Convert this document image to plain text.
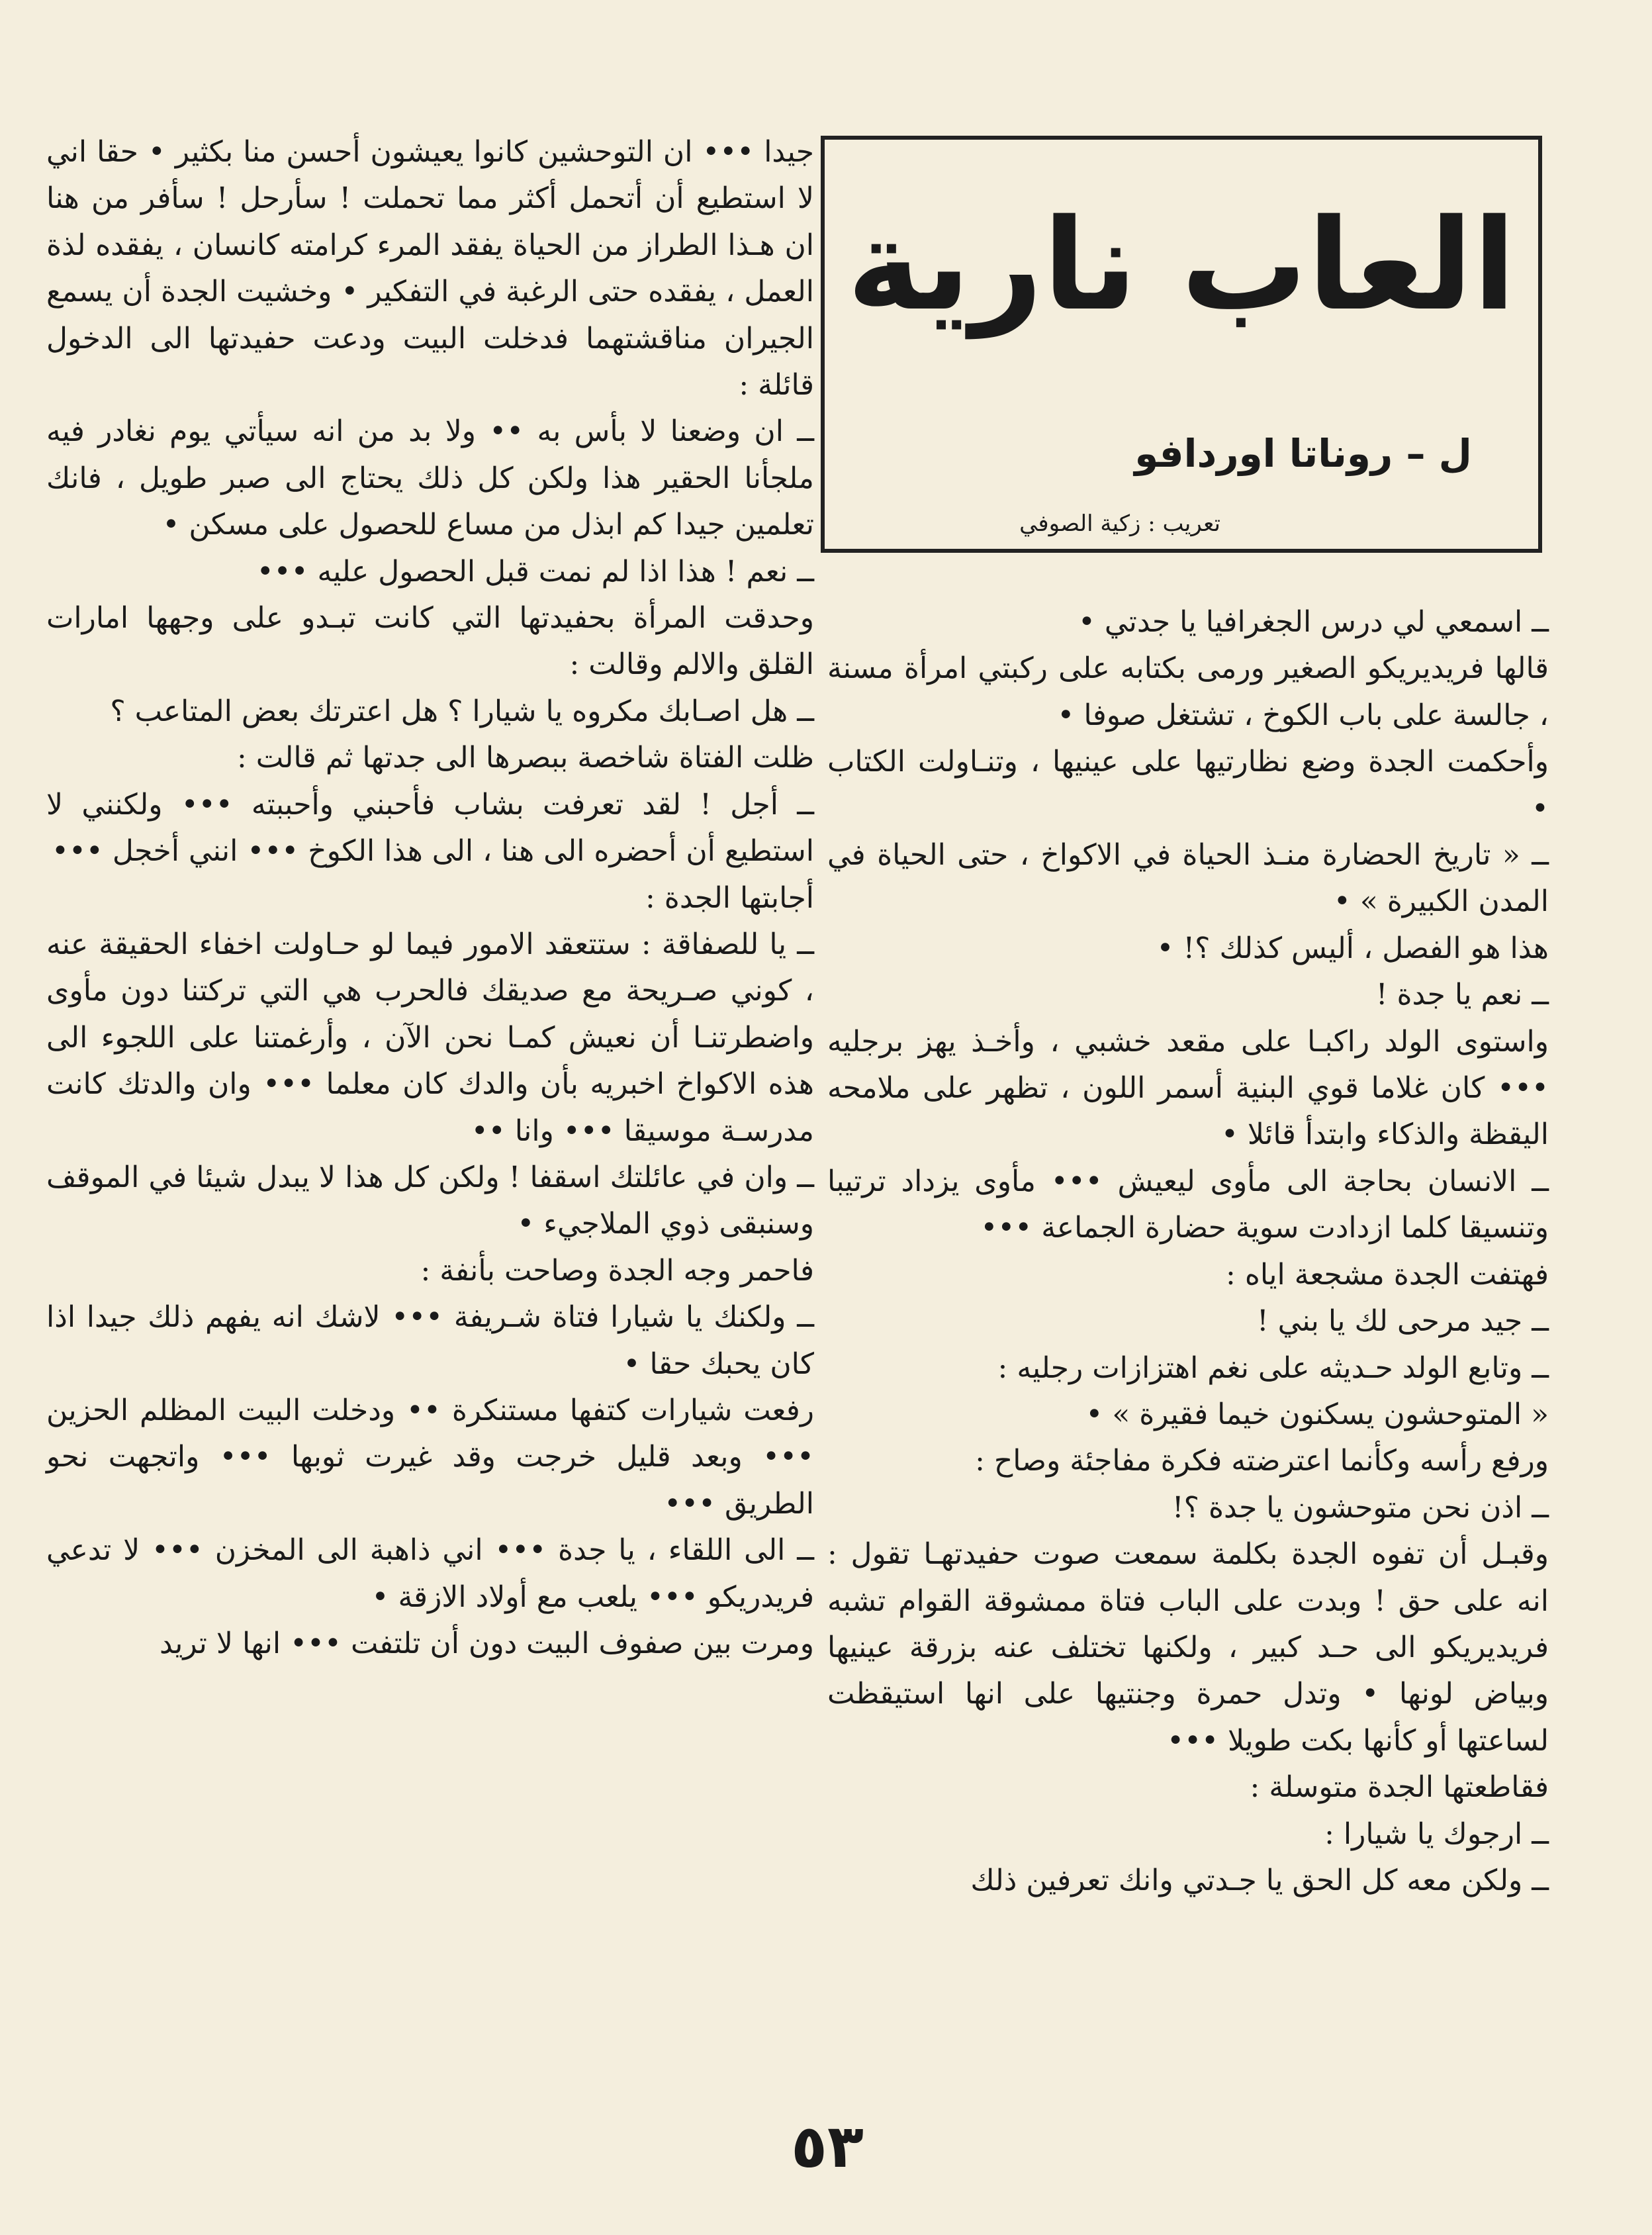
العاب نارية
ل – روناتا اوردافو
تعريب : زكية الصوفي

ــ اسمعي لي درس الجغرافيا يا جدتي •

قالها فريديريكو الصغير ورمى بكتابه على ركبتي امرأة مسنة ، جالسة على باب الكوخ ، تشتغل صوفا •

وأحكمت الجدة وضع نظارتيها على عينيها ، وتنـاولت الكتاب •

ــ « تاريخ الحضارة منـذ الحياة في الاكواخ ، حتى الحياة في المدن الكبيرة » •

هذا هو الفصل ، أليس كذلك ؟! •

ــ نعم يا جدة !

واستوى الولد راكبـا على مقعد خشبي ، وأخـذ يهز برجليه ••• كان غلاما قوي البنية أسمر اللون ، تظهر على ملامحه اليقظة والذكاء وابتدأ قائلا •

ــ الانسان بحاجة الى مأوى ليعيش ••• مأوى يزداد ترتيبا وتنسيقا كلما ازدادت سوية حضارة الجماعة •••

فهتفت الجدة مشجعة اياه :

ــ جيد مرحى لك يا بني !

ــ وتابع الولد حـديثه على نغم اهتزازات رجليه :

« المتوحشون يسكنون خيما فقيرة » •

ورفع رأسه وكأنما اعترضته فكرة مفاجئة وصاح :

ــ اذن نحن متوحشون يا جدة ؟!

وقبـل أن تفوه الجدة بكلمة سمعت صوت حفيدتهـا تقول : انه على حق ! وبدت على الباب فتاة ممشوقة القوام تشبه فريديريكو الى حـد كبير ، ولكنها تختلف عنه بزرقة عينيها وبياض لونها • وتدل حمرة وجنتيها على انها استيقظت لساعتها أو كأنها بكت طويلا •••

فقاطعتها الجدة متوسلة :

ــ ارجوك يا شيارا :

ــ ولكن معه كل الحق يا جـدتي وانك تعرفين ذلك

جيدا ••• ان التوحشين كانوا يعيشون أحسن منا بكثير • حقا اني لا استطيع أن أتحمل أكثر مما تحملت ! سأرحل ! سأفر من هنا ان هـذا الطراز من الحياة يفقد المرء كرامته كانسان ، يفقده لذة العمل ، يفقده حتى الرغبة في التفكير • وخشيت الجدة أن يسمع الجيران مناقشتهما فدخلت البيت ودعت حفيدتها الى الدخول قائلة :

ــ ان وضعنا لا بأس به •• ولا بد من انه سيأتي يوم نغادر فيه ملجأنا الحقير هذا ولكن كل ذلك يحتاج الى صبر طويل ، فانك تعلمين جيدا كم ابذل من مساع للحصول على مسكن •

ــ نعم ! هذا اذا لم نمت قبل الحصول عليه •••

وحدقت المرأة بحفيدتها التي كانت تبـدو على وجهها امارات القلق والالم وقالت :

ــ هل اصـابك مكروه يا شيارا ؟ هل اعترتك بعض المتاعب ؟

ظلت الفتاة شاخصة ببصرها الى جدتها ثم قالت :

ــ أجل ! لقد تعرفت بشاب فأحبني وأحببته ••• ولكنني لا استطيع أن أحضره الى هنا ، الى هذا الكوخ ••• انني أخجل •••

أجابتها الجدة :

ــ يا للصفاقة : ستتعقد الامور فيما لو حـاولت اخفاء الحقيقة عنه ، كوني صـريحة مع صديقك فالحرب هي التي تركتنا دون مأوى واضطرتنـا أن نعيش كمـا نحن الآن ، وأرغمتنا على اللجوء الى هذه الاكواخ اخبريه بأن والدك كان معلما ••• وان والدتك كانت مدرسـة موسيقا ••• وانا ••

ــ وان في عائلتك اسقفا ! ولكن كل هذا لا يبدل شيئا في الموقف وسنبقى ذوي الملاجيء •

فاحمر وجه الجدة وصاحت بأنفة :

ــ ولكنك يا شيارا فتاة شـريفة ••• لاشك انه يفهم ذلك جيدا اذا كان يحبك حقا •

رفعت شيارات كتفها مستنكرة •• ودخلت البيت المظلم الحزين ••• وبعد قليل خرجت وقد غيرت ثوبها ••• واتجهت نحو الطريق •••

ــ الى اللقاء ، يا جدة ••• اني ذاهبة الى المخزن ••• لا تدعي فريدريكو ••• يلعب مع أولاد الازقة •

ومرت بين صفوف البيت دون أن تلتفت ••• انها لا تريد

٥٣
